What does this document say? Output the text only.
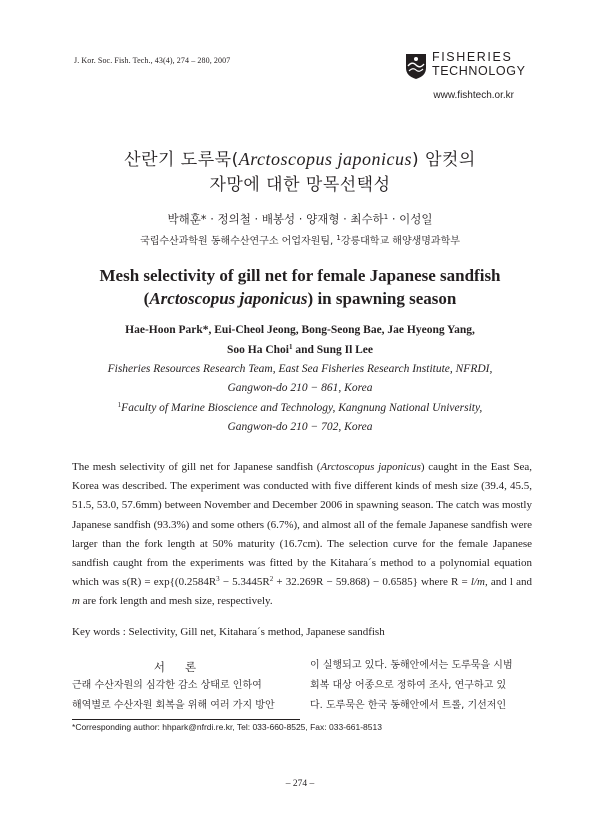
J. Kor. Soc. Fish. Tech., 43(4), 274 – 280, 2007	FISHERIES
TECHNOLOGY
www.fishtech.or.kr
산란기 도루묵(Arctoscopus japonicus) 암컷의
자망에 대한 망목선택성
박해훈* · 정의철 · 배봉성 · 양재형 · 최수하$^1$ · 이성일
국립수산과학원 동해수산연구소 어업자원팀, $^1$강릉대학교 해양생명과학부
Mesh selectivity of gill net for female Japanese sandfish
(Arctoscopus japonicus) in spawning season
Hae-Hoon Park*, Eui-Cheol Jeong, Bong-Seong Bae, Jae Hyeong Yang,
Soo Ha Choi$^1$ and Sung Il Lee
Fisheries Resources Research Team, East Sea Fisheries Research Institute, NFRDI,
Gangwon-do 210 − 861, Korea
$^1$Faculty of Marine Bioscience and Technology, Kangnung National University,
Gangwon-do 210 − 702, Korea

The mesh selectivity of gill net for Japanese sandfish (Arctoscopus japonicus) caught in the East Sea, Korea was described. The experiment was conducted with five different kinds of mesh size (39.4, 45.5, 51.5, 53.0, 57.6mm) between November and December 2006 in spawning season. The catch was mostly Japanese sandfish (93.3%) and some others (6.7%), and almost all of the female Japanese sandfish were larger than the fork length at 50% maturity (16.7cm). The selection curve for the female Japanese sandfish caught from the experiments was fitted by the Kitahara´s method to a polynomial equation which was $s(R) = \exp\{(0.2584R^3 - 5.3445R^2 + 32.269R - 59.868) - 0.6585\}$ where R = l/m, and l and m are fork length and mesh size, respectively.

Key words : Selectivity, Gill net, Kitahara´s method, Japanese sandfish
서론
근래 수산자원의 심각한 감소 상태로 인하여
해역별로 수산자원 회복을 위해 여러 가지 방안
이 실행되고 있다. 동해안에서는 도루묵을 시범
회복 대상 어종으로 정하여 조사, 연구하고 있
다. 도루묵은 한국 동해안에서 트롤, 기선저인
*Corresponding author: hhpark@nfrdi.re.kr, Tel: 033-660-8525, Fax: 033-661-8513
– 274 –
